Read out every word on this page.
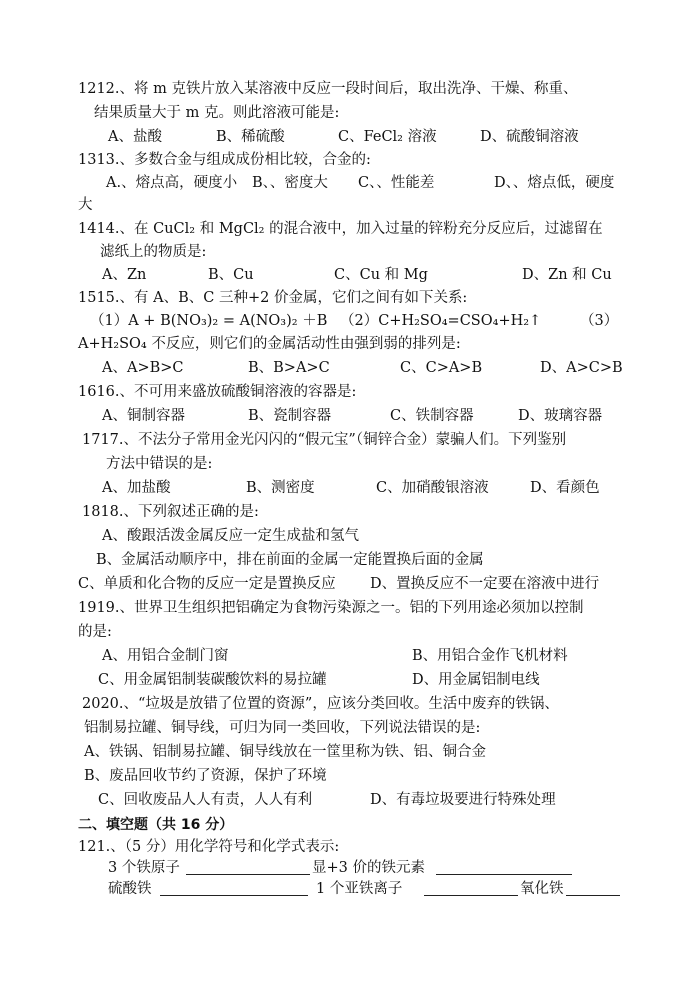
1212.、将 m 克铁片放入某溶液中反应一段时间后，取出洗净、干燥、称重、
结果质量大于 m 克。则此溶液可能是:
A、盐酸	B、稀硫酸	C、FeCl₂ 溶液	D、硫酸铜溶液
1313.、多数合金与组成成份相比较，合金的:
A.、熔点高，硬度小 B、、密度大 C、、性能差	D、、熔点低，硬度
大
1414.、在 CuCl₂ 和 MgCl₂ 的混合液中，加入过量的锌粉充分反应后，过滤留在
滤纸上的物质是:
A、Zn	B、Cu	C、Cu 和 Mg	D、Zn 和 Cu
1515.、有 A、B、C 三种+2 价金属，它们之间有如下关系:
（1）A + B(NO₃)₂ = A(NO₃)₂ ＋B （2）C+H₂SO₄=CSO₄+H₂↑	（3）
A+H₂SO₄ 不反应，则它们的金属活动性由强到弱的排列是:
A、A>B>C	B、B>A>C	C、C>A>B	D、A>C>B
1616.、不可用来盛放硫酸铜溶液的容器是:
A、铜制容器	B、瓷制容器	C、铁制容器	D、玻璃容器
1717.、不法分子常用金光闪闪的“假元宝”（铜锌合金）蒙骗人们。下列鉴别
方法中错误的是:
A、加盐酸	B、测密度	C、加硝酸银溶液	D、看颜色
1818.、下列叙述正确的是:
A、酸跟活泼金属反应一定生成盐和氢气
B、金属活动顺序中，排在前面的金属一定能置换后面的金属
C、单质和化合物的反应一定是置换反应 D、置换反应不一定要在溶液中进行
1919.、世界卫生组织把铝确定为食物污染源之一。铝的下列用途必须加以控制
的是:
A、用铝合金制门窗	B、用铝合金作飞机材料
C、用金属铝制装碳酸饮料的易拉罐	D、用金属铝制电线
2020.、“垃圾是放错了位置的资源”，应该分类回收。生活中废弃的铁锅、
铝制易拉罐、铜导线，可归为同一类回收，下列说法错误的是:
A、铁锅、铝制易拉罐、铜导线放在一筐里称为铁、铝、铜合金
B、废品回收节约了资源，保护了环境
C、回收废品人人有责，人人有利	D、有毒垃圾要进行特殊处理
二、填空题（共 16 分）
121.、（5 分）用化学符号和化学式表示:
3 个铁原子	显+3 价的铁元素
硫酸铁	1 个亚铁离子	氧化铁
